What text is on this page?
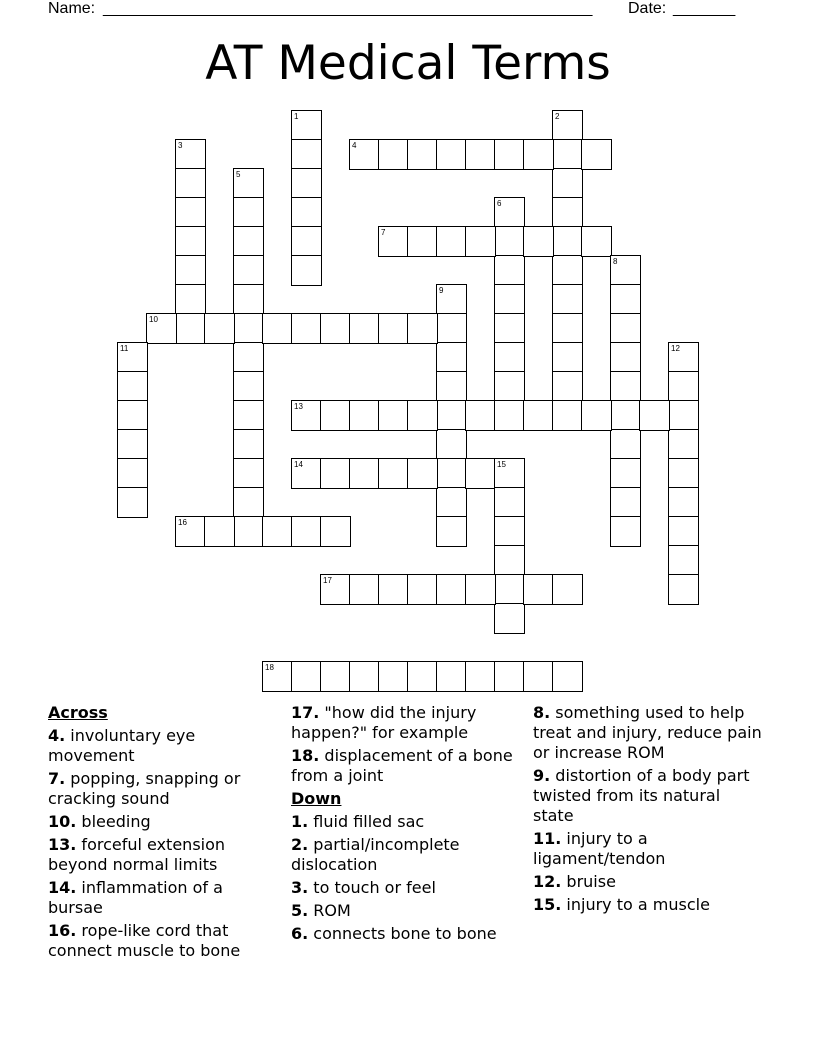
Name: _______________________________________________________ Date: _______
AT Medical Terms
1	2
3	4
5
6
7
8
9
10
11	12
13
14	15
16
17
18
Across
4. involuntary eye movement
7. popping, snapping or cracking sound
10. bleeding
13. forceful extension beyond normal limits
14. inflammation of a bursae
16. rope-like cord that connect muscle to bone
17. "how did the injury happen?" for example
18. displacement of a bone from a joint
Down
1. fluid filled sac
2. partial/incomplete dislocation
3. to touch or feel
5. ROM
6. connects bone to bone
8. something used to help treat and injury, reduce pain or increase ROM
9. distortion of a body part twisted from its natural state
11. injury to a ligament/tendon
12. bruise
15. injury to a muscle
